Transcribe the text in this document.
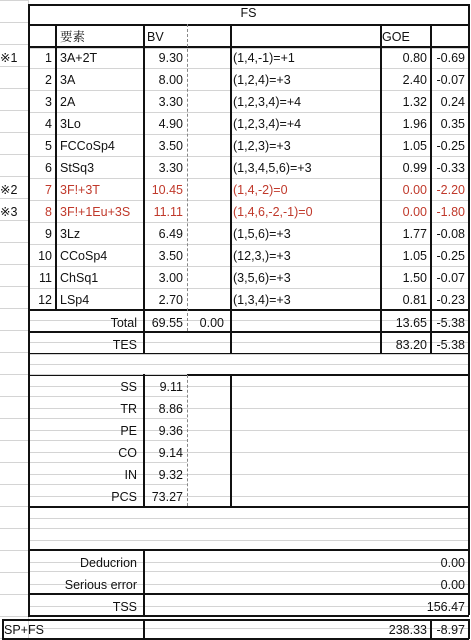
FS
要素	BV	GOE
※1	1 3A+2T	9.30	(1,4,-1)=+1	0.80 -0.69
2 3A	8.00	(1,2,4)=+3	2.40 -0.07
3 2A	3.30	(1,2,3,4)=+4	1.32	0.24
4 3Lo	4.90	(1,2,3,4)=+4	1.96	0.35
5 FCCoSp4	3.50	(1,2,3)=+3	1.05 -0.25
6 StSq3	3.30	(1,3,4,5,6)=+3	0.99 -0.33
※2	7 3F!+3T	10.45	(1,4,-2)=0	0.00 -2.20
※3	8 3F!+1Eu+3S	11.11	(1,4,6,-2,-1)=0	0.00 -1.80
9 3Lz	6.49	(1,5,6)=+3	1.77 -0.08
10 CCoSp4	3.50	(12,3,)=+3	1.05 -0.25
11 ChSq1	3.00	(3,5,6)=+3	1.50 -0.07
12 LSp4	2.70	(1,3,4)=+3	0.81 -0.23
Total	69.55	0.00	13.65 -5.38
TES	83.20 -5.38
SS	9.11
TR	8.86
PE	9.36
CO	9.14
IN	9.32
PCS	73.27
Deducrion	0.00
Serious error	0.00
TSS	156.47
SP+FS	238.33 -8.97
